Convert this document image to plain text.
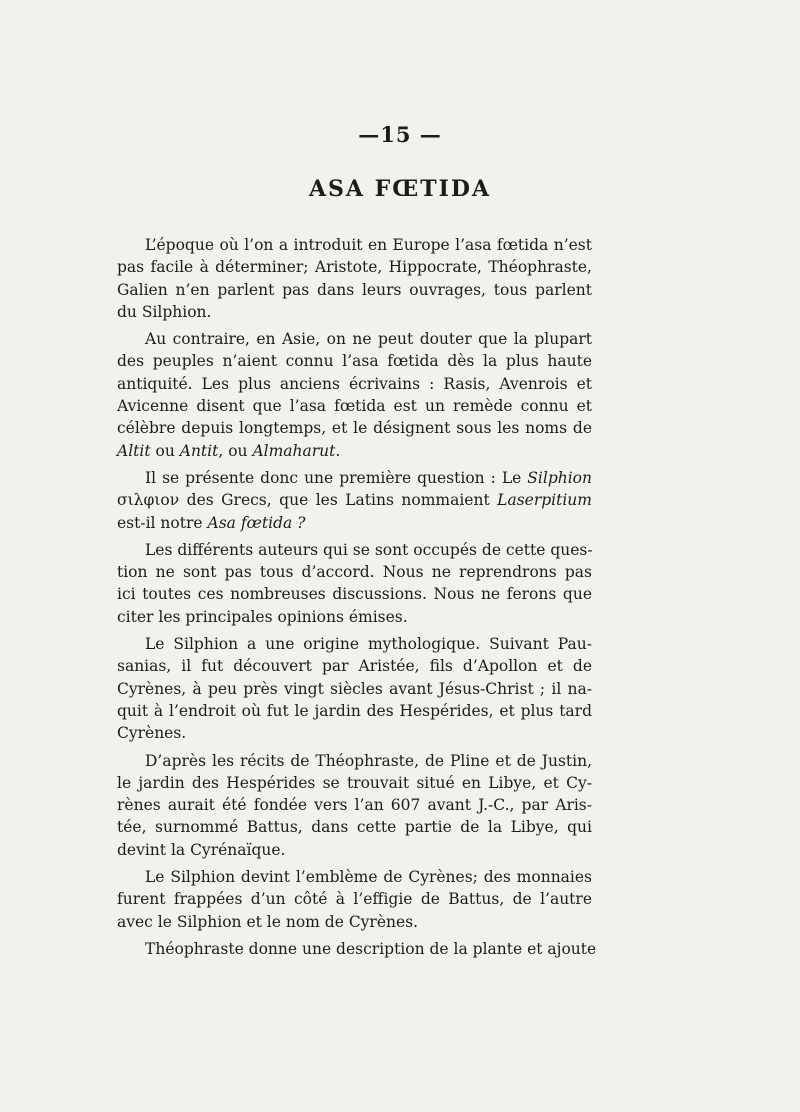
—15 —
ASA FŒTIDA
L’époque où l’on a introduit en Europe l’asa fœtida n’est
pas facile à déterminer; Aristote, Hippocrate, Théophraste,
Galien n’en parlent pas dans leurs ouvrages, tous parlent
du Silphion.
Au contraire, en Asie, on ne peut douter que la plupart
des peuples n’aient connu l’asa fœtida dès la plus haute
antiquité. Les plus anciens écrivains : Rasis, Avenrois et
Avicenne disent que l’asa fœtida est un remède connu et
célèbre depuis longtemps, et le désignent sous les noms de
Altit ou Antit, ou Almaharut.
Il se présente donc une première question : Le Silphion
σιλφιον des Grecs, que les Latins nommaient Laserpitium
est-il notre Asa fœtida ?
Les différents auteurs qui se sont occupés de cette ques-
tion ne sont pas tous d’accord. Nous ne reprendrons pas
ici toutes ces nombreuses discussions. Nous ne ferons que
citer les principales opinions émises.
Le Silphion a une origine mythologique. Suivant Pau-
sanias, il fut découvert par Aristée, fils d’Apollon et de
Cyrènes, à peu près vingt siècles avant Jésus-Christ ; il na-
quit à l’endroit où fut le jardin des Hespérides, et plus tard
Cyrènes.
D’après les récits de Théophraste, de Pline et de Justin,
le jardin des Hespérides se trouvait situé en Libye, et Cy-
rènes aurait été fondée vers l’an 607 avant J.-C., par Aris-
tée, surnommé Battus, dans cette partie de la Libye, qui
devint la Cyrénaïque.
Le Silphion devint l’emblème de Cyrènes; des monnaies
furent frappées d’un côté à l’effigie de Battus, de l’autre
avec le Silphion et le nom de Cyrènes.
Théophraste donne une description de la plante et ajoute
